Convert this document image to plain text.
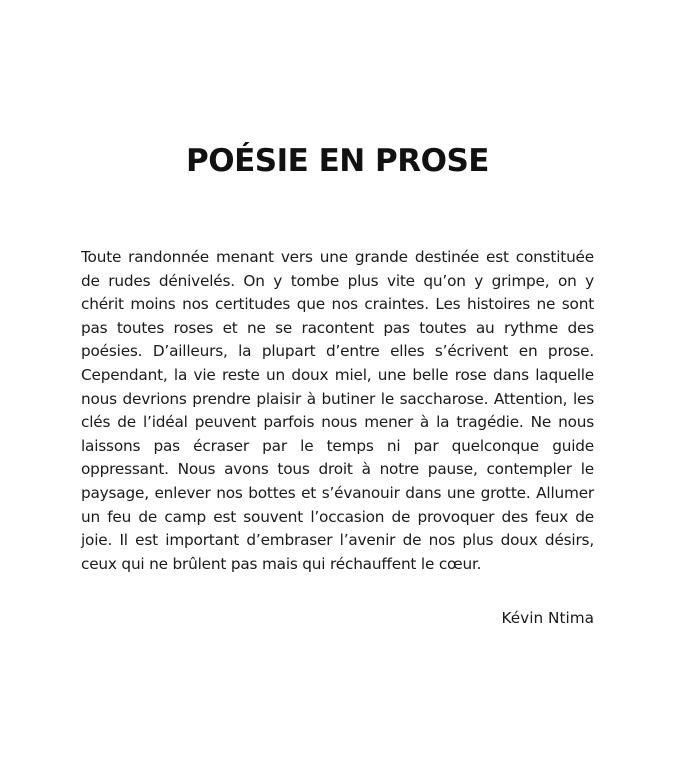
POÉSIE EN PROSE

Toute randonnée menant vers une grande destinée est constituée de rudes dénivelés. On y tombe plus vite qu’on y grimpe, on y chérit moins nos certitudes que nos craintes. Les histoires ne sont pas toutes roses et ne se racontent pas toutes au rythme des poésies. D’ailleurs, la plupart d’entre elles s’écrivent en prose. Cependant, la vie reste un doux miel, une belle rose dans laquelle nous devrions prendre plaisir à butiner le saccharose. Attention, les clés de l’idéal peuvent parfois nous mener à la tragédie. Ne nous laissons pas écraser par le temps ni par quelconque guide oppressant. Nous avons tous droit à notre pause, contempler le paysage, enlever nos bottes et s’évanouir dans une grotte. Allumer un feu de camp est souvent l’occasion de provoquer des feux de joie. Il est important d’embraser l’avenir de nos plus doux désirs, ceux qui ne brûlent pas mais qui réchauffent le cœur.

Kévin Ntima
